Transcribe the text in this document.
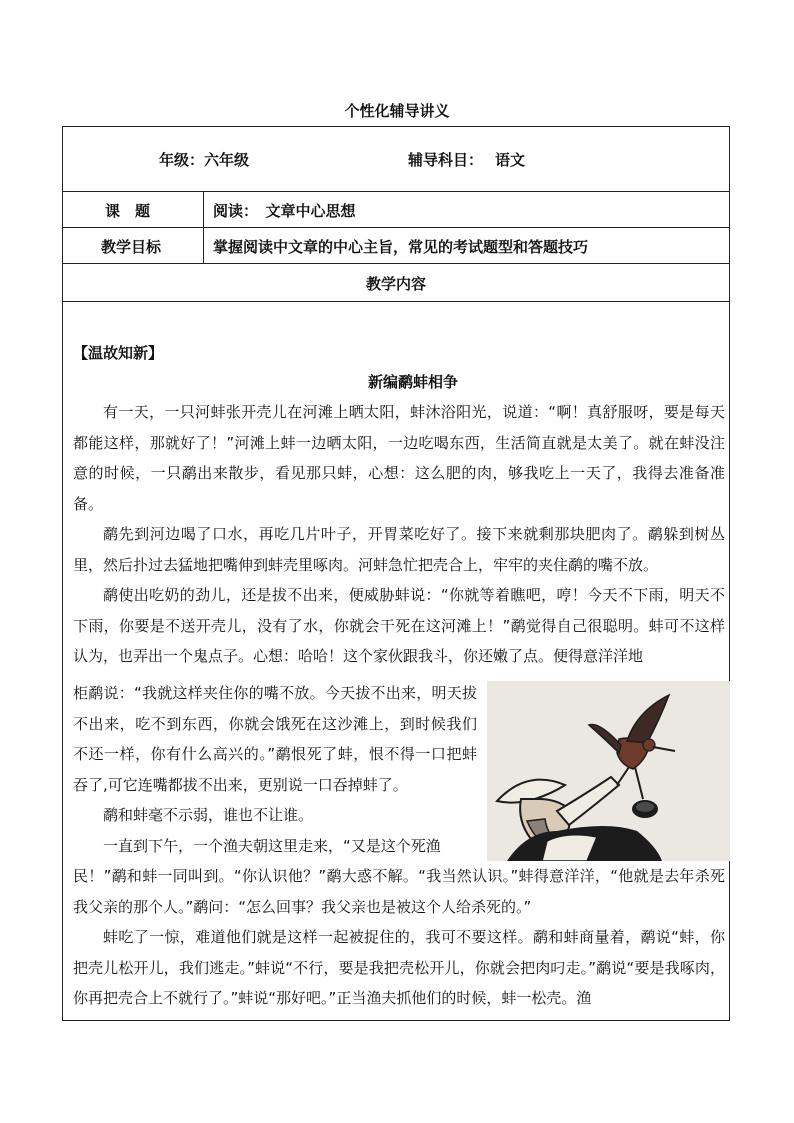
个性化辅导讲义
年级：六年级	辅导科目： 语文
课　题	阅读：　文章中心思想
教学目标	掌握阅读中文章的中心主旨，常见的考试题型和答题技巧
教学内容
【温故知新】
新编鹬蚌相争

有一天，一只河蚌张开壳儿在河滩上晒太阳，蚌沐浴阳光，说道：“啊！真舒服呀，要是每天都能这样，那就好了！”河滩上蚌一边晒太阳，一边吃喝东西，生活简直就是太美了。就在蚌没注意的时候，一只鹬出来散步，看见那只蚌，心想：这么肥的肉，够我吃上一天了，我得去准备准备。

鹬先到河边喝了口水，再吃几片叶子，开胃菜吃好了。接下来就剩那块肥肉了。鹬躲到树丛里，然后扑过去猛地把嘴伸到蚌壳里啄肉。河蚌急忙把壳合上，牢牢的夹住鹬的嘴不放。

鹬使出吃奶的劲儿，还是拔不出来，便威胁蚌说：“你就等着瞧吧，哼！今天不下雨，明天不下雨，你要是不送开壳儿，没有了水，你就会干死在这河滩上！”鹬觉得自己很聪明。蚌可不这样认为，也弄出一个鬼点子。心想：哈哈！这个家伙跟我斗，你还嫩了点。便得意洋洋地

柜鹬说：“我就这样夹住你的嘴不放。今天拔不出来，明天拔不出来，吃不到东西，你就会饿死在这沙滩上，到时候我们不还一样，你有什么高兴的。”鹬恨死了蚌，恨不得一口把蚌吞了,可它连嘴都拔不出来，更别说一口吞掉蚌了。

鹬和蚌毫不示弱，谁也不让谁。

一直到下午，一个渔夫朝这里走来，“又是这个死渔

民！”鹬和蚌一同叫到。“你认识他？”鹬大惑不解。“我当然认识。”蚌得意洋洋，“他就是去年杀死我父亲的那个人。”鹬问：“怎么回事？我父亲也是被这个人给杀死的。”

蚌吃了一惊，难道他们就是这样一起被捉住的，我可不要这样。鹬和蚌商量着，鹬说“蚌，你把壳儿松开儿，我们逃走。”蚌说“不行，要是我把壳松开儿，你就会把肉叼走。”鹬说“要是我啄肉，你再把壳合上不就行了。”蚌说“那好吧。”正当渔夫抓他们的时候，蚌一松壳。渔
